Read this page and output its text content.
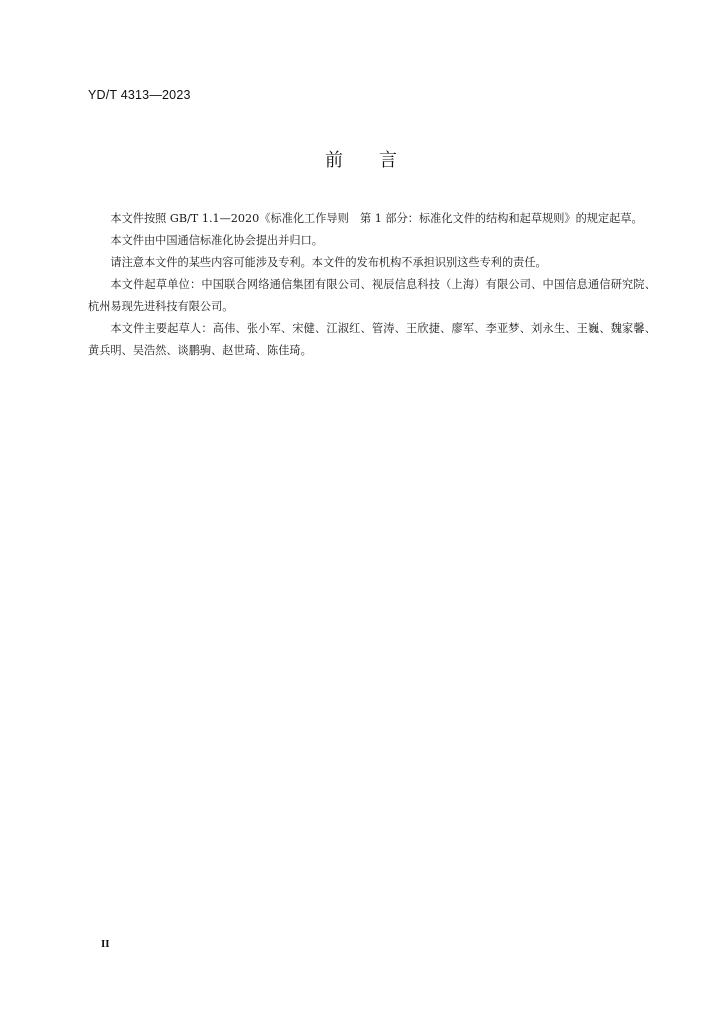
YD/T 4313—2023
前 言

本文件按照 GB/T 1.1—2020《标准化工作导则　第 1 部分：标准化文件的结构和起草规则》的规定起草。

本文件由中国通信标准化协会提出并归口。

请注意本文件的某些内容可能涉及专利。本文件的发布机构不承担识别这些专利的责任。

本文件起草单位：中国联合网络通信集团有限公司、视辰信息科技（上海）有限公司、中国信息通信研究院、杭州易现先进科技有限公司。

本文件主要起草人：高伟、张小军、宋健、江淑红、管涛、王欣捷、廖军、李亚梦、刘永生、王巍、魏家馨、黄兵明、吴浩然、谈鹏驹、赵世琦、陈佳琦。

II
